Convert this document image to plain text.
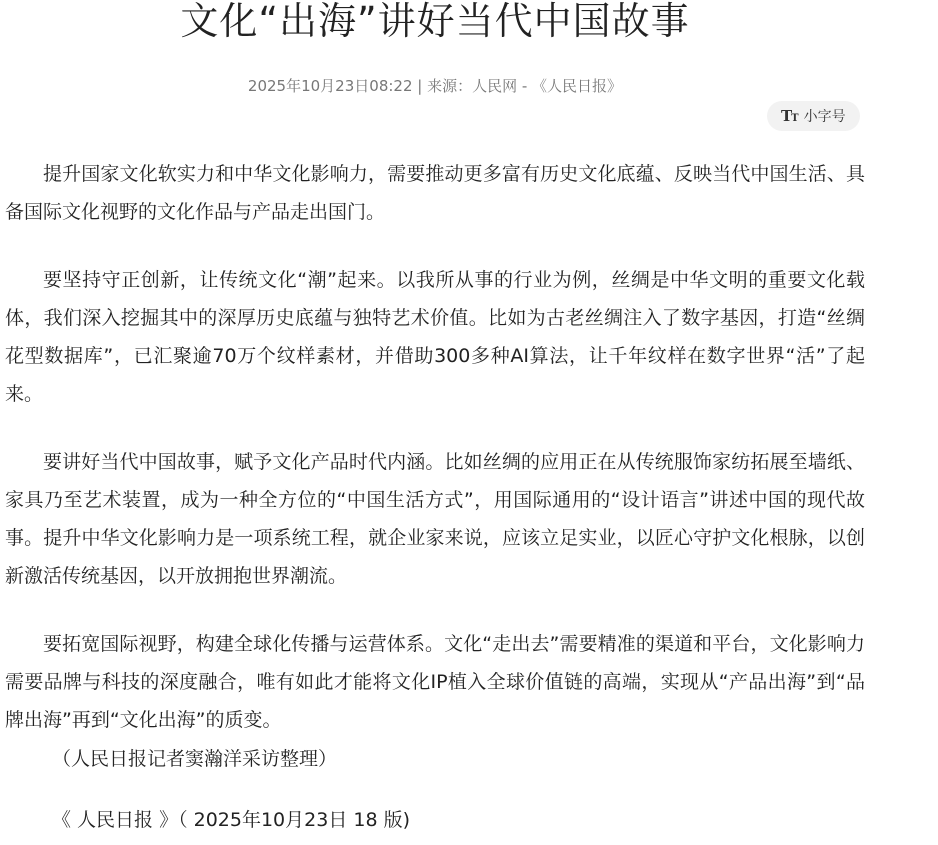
文化“出海”讲好当代中国故事
2025年10月23日08:22 | 来源：人民网 - 《人民日报》
TT 小字号

提升国家文化软实力和中华文化影响力，需要推动更多富有历史文化底蕴、反映当代中国生活、具备国际文化视野的文化作品与产品走出国门。

要坚持守正创新，让传统文化“潮”起来。以我所从事的行业为例，丝绸是中华文明的重要文化载体，我们深入挖掘其中的深厚历史底蕴与独特艺术价值。比如为古老丝绸注入了数字基因，打造“丝绸花型数据库”，已汇聚逾70万个纹样素材，并借助300多种AI算法，让千年纹样在数字世界“活”了起来。

要讲好当代中国故事，赋予文化产品时代内涵。比如丝绸的应用正在从传统服饰家纺拓展至墙纸、家具乃至艺术装置，成为一种全方位的“中国生活方式”，用国际通用的“设计语言”讲述中国的现代故事。提升中华文化影响力是一项系统工程，就企业家来说，应该立足实业，以匠心守护文化根脉，以创新激活传统基因，以开放拥抱世界潮流。

要拓宽国际视野，构建全球化传播与运营体系。文化“走出去”需要精准的渠道和平台，文化影响力需要品牌与科技的深度融合，唯有如此才能将文化IP植入全球价值链的高端，实现从“产品出海”到“品牌出海”再到“文化出海”的质变。

（人民日报记者窦瀚洋采访整理）
《 人民日报 》（ 2025年10月23日 18 版)
